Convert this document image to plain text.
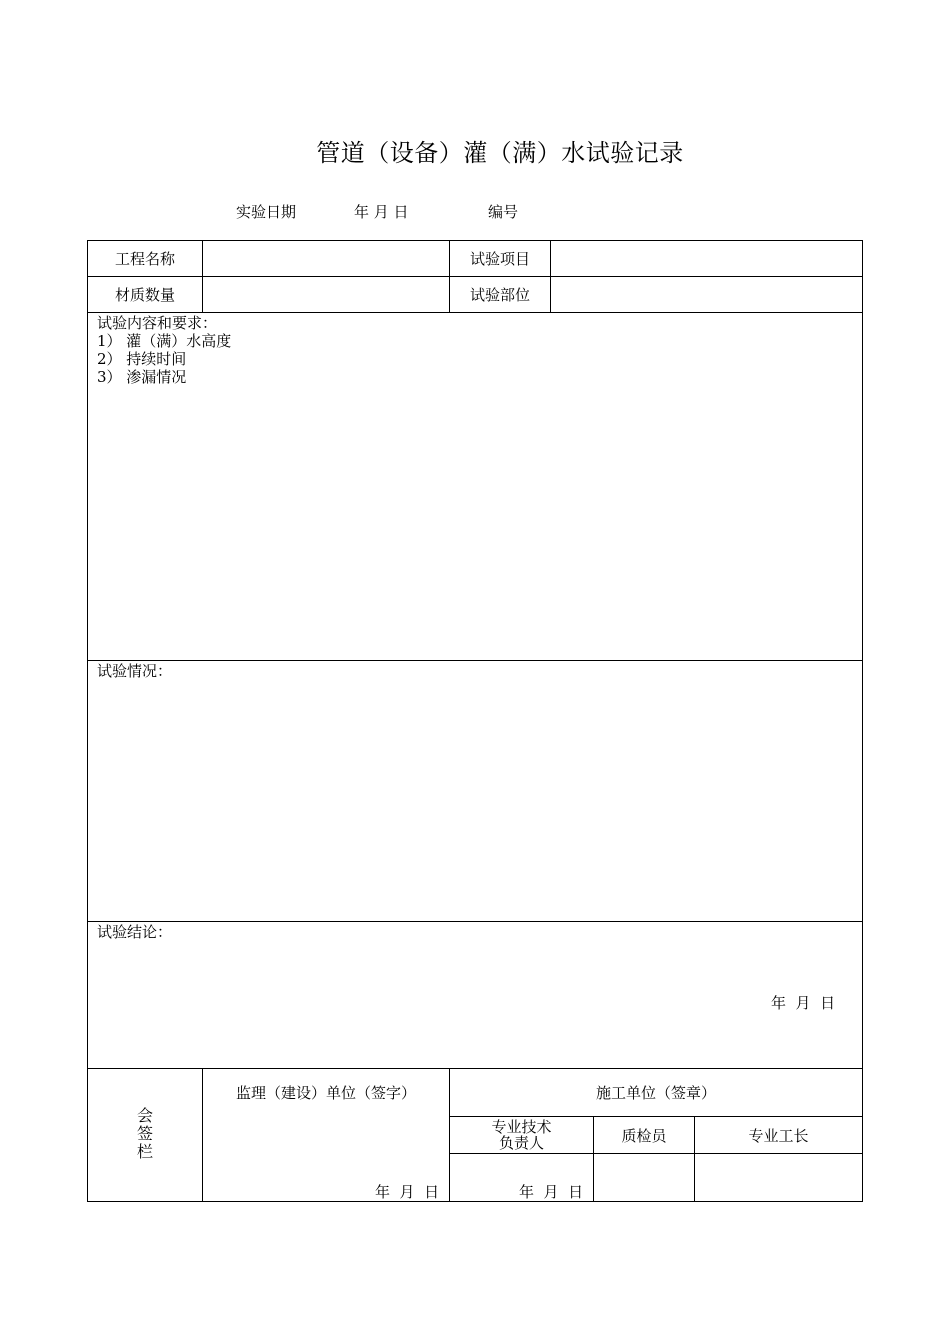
管道（设备）灌（满）水试验记录
实验日期	年 月 日	编号
工程名称	试验项目
材质数量	试验部位
试验内容和要求：
1） 灌（满）水高度
2） 持续时间
3） 渗漏情况
试验情况：
试验结论：
年  月  日
会签栏
监理（建设）单位（签字）	施工单位（签章）
专业技术
负责人	质检员	专业工长
年  月  日	年  月  日
